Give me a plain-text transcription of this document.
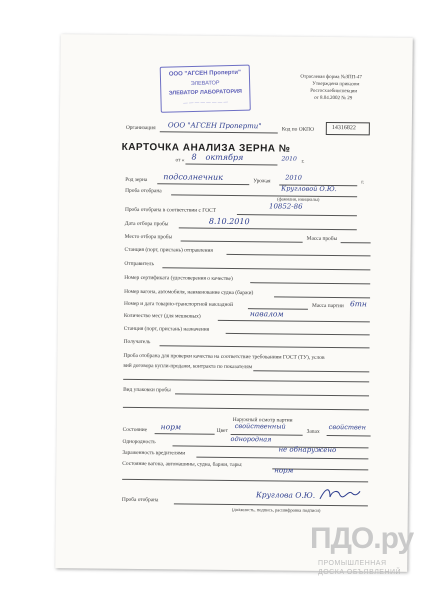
Отраслевая форма №ЗПП-47
Утверждена приказом
Росгосхлебинспекции
от 8.04.2002 № 29
ООО "АГСЕН Проперти"
ЭЛЕВАТОР
ЭЛЕВАТОР ЛАБОРАТОРИЯ
— — — — — — — —
Организация ООО "АГСЕН Проперти"	Код по ОКПО	14316822
КАРТОЧКА АНАЛИЗА ЗЕРНА №
от « 8 октября	2010 г.
Род зерна подсолнечник	Урожая 2010
г.
Проба отобрана	Кругловой О.Ю.
(фамилия, инициалы)
Проба отобрана в соответствии с ГОСТ	10852-86
Дата отбора пробы	8.10.2010
Место отбора пробы	Масса пробы
Станция (порт, пристань) отправления
Отправитель
Номер сертификата (удостоверения о качестве)
Номер вагона, автомобиля, наименование судна (баржи)
Номер и дата товарно-транспортной накладной	Масса партии 6тн
Количество мест (для мешковых)	навалом
Станция (порт, пристань) назначения
Получатель
Проба отобрана для проверки качества на соответствие требованиям ГОСТ (ТУ), услов
вий договора купли-продажи, контракта по показателям
Вид упаковки пробы
Наружный осмотр партии
Состояние норм	Цвет
свойственный
Запах
свойствен
Однородность	однородная
Зараженность вредителями	не обнаружено
Состояние вагона, автомашины, судна, баржи, тары:
норм
Проба отобрана
Круглова О.Ю.
(должность, подпись, расшифровка подписи)
ПДО.ру
ПРОМЫШЛЕННАЯ
ДОСКА ОБЪЯВЛЕНИЙ
